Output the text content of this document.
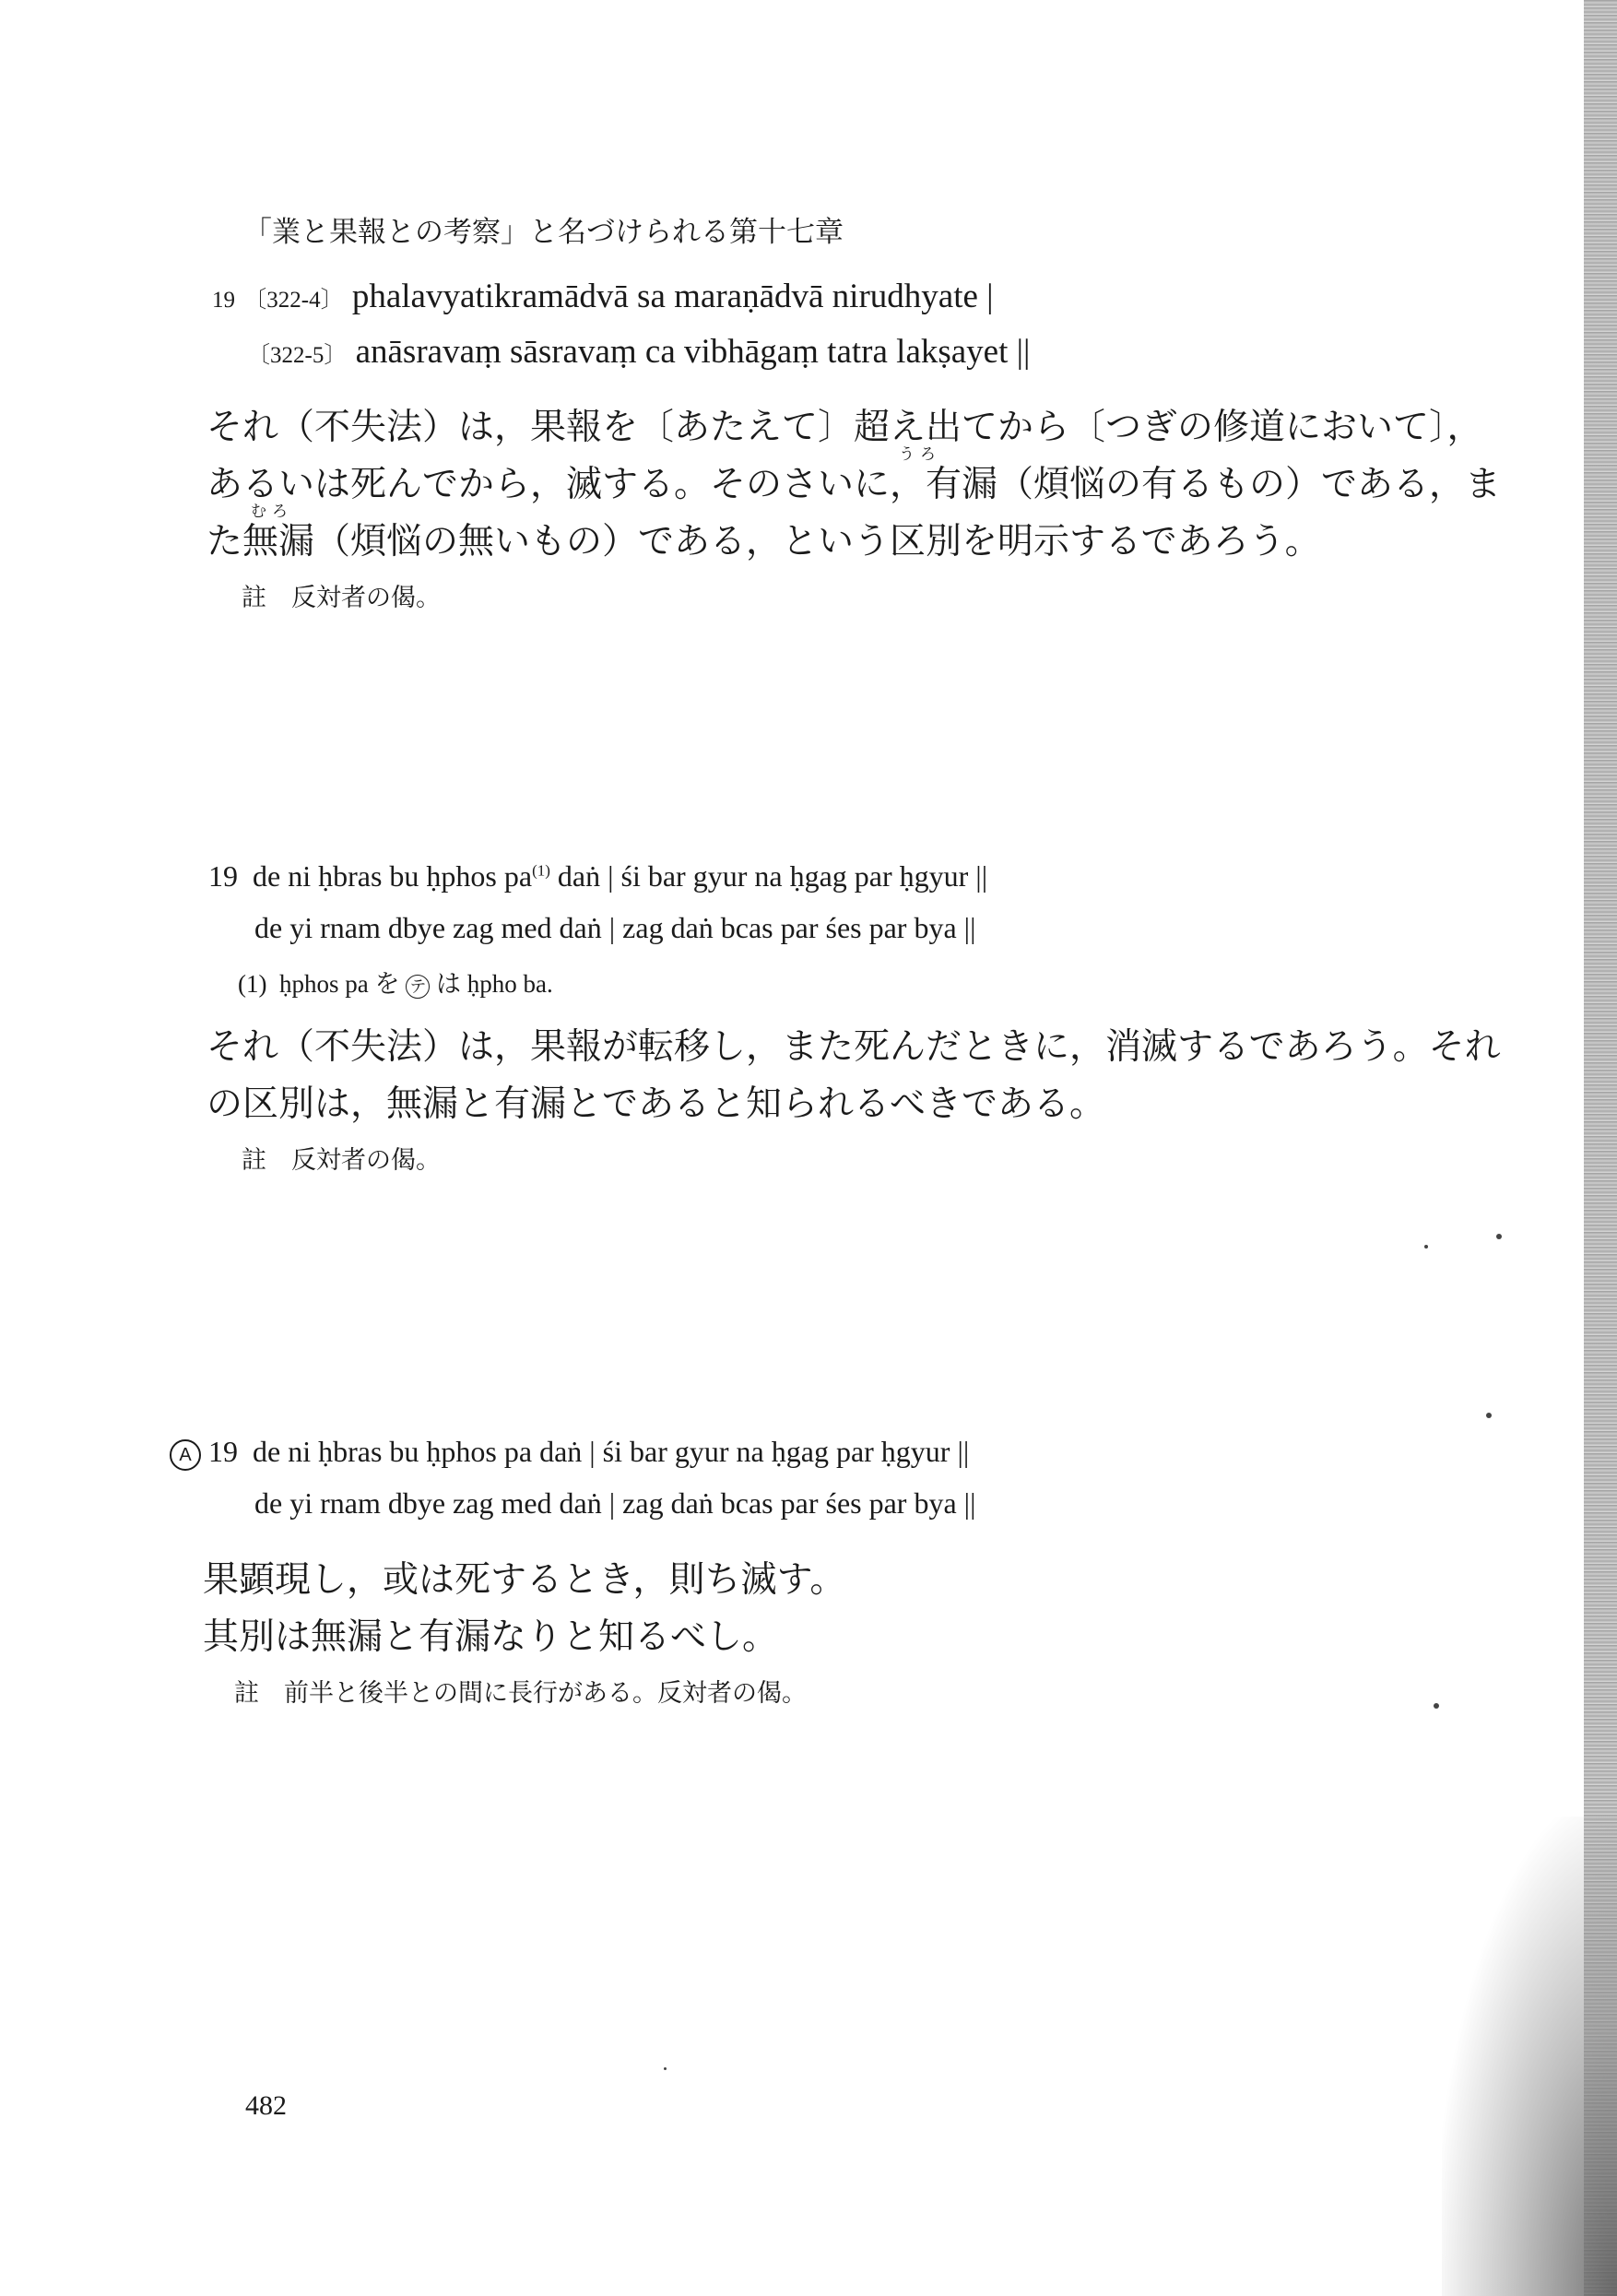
「業と果報との考察」と名づけられる第十七章
19 〔322-4〕 phalavyatikramādvā sa maraṇādvā nirudhyate |
〔322-5〕 anāsravaṃ sāsravaṃ ca vibhāgaṃ tatra lakṣayet ||
うろ
むろ
それ（不失法）は，果報を〔あたえて〕超え出てから〔つぎの修道において〕，
あるいは死んでから，滅する。そのさいに，有漏（煩悩の有るもの）である，ま
た無漏（煩悩の無いもの）である，という区別を明示するであろう。
註　反対者の偈。
19 de ni ḥbras bu ḥphos $pa^{(1)}$ daṅ | śi bar gyur na ḥgag par ḥgyur ||
de yi rnam dbye zag med daṅ | zag daṅ bcas par śes par bya ||
(1) ḥphos pa を テ は ḥpho ba.
それ（不失法）は，果報が転移し，また死んだときに，消滅するであろう。それ
の区別は，無漏と有漏とであると知られるべきである。
註　反対者の偈。
A 19 de ni ḥbras bu ḥphos pa daṅ | śi bar gyur na ḥgag par ḥgyur ||
de yi rnam dbye zag med daṅ | zag daṅ bcas par śes par bya ||
果顕現し，或は死するとき，則ち滅す。
其別は無漏と有漏なりと知るべし。
註　前半と後半との間に長行がある。反対者の偈。
482
